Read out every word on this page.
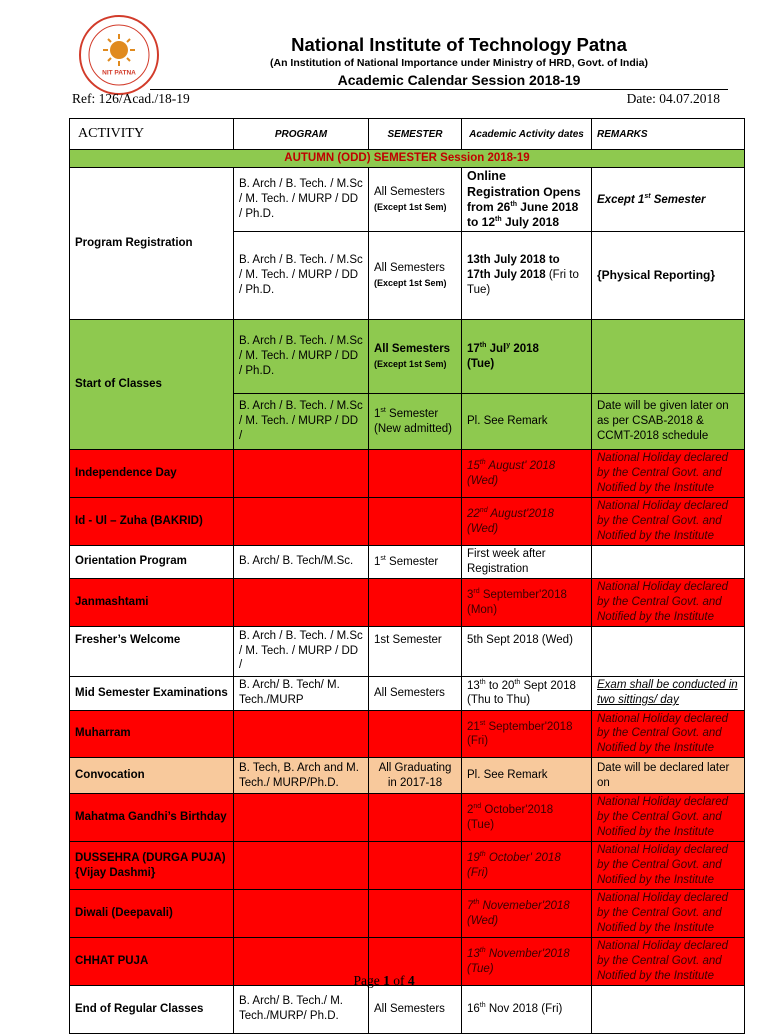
NIT PATNA
National Institute of Technology Patna
(An Institution of National Importance under Ministry of HRD, Govt. of India)
Academic Calendar Session 2018-19
Ref: 126/Acad./18-19	Date: 04.07.2018
ACTIVITY	PROGRAM	SEMESTER	Academic Activity dates	REMARKS
AUTUMN (ODD) SEMESTER Session 2018-19				
Program Registration	B. Arch / B. Tech. / M.Sc / M. Tech. / MURP / DD / Ph.D.	All Semesters
(Except 1st Sem)	Online
Registration Opens
from 26th June 2018
to 12th July 2018	Except 1st Semester
	B. Arch / B. Tech. / M.Sc / M. Tech. / MURP / DD / Ph.D.	All Semesters
(Except 1st Sem)	13th July 2018 to 17th July 2018 (Fri to Tue)	{Physical Reporting}
Start of Classes	B. Arch / B. Tech. / M.Sc / M. Tech. / MURP / DD / Ph.D.	All Semesters
(Except 1st Sem)	17th Jul$^y$ 2018
(Tue)	
	B. Arch / B. Tech. / M.Sc / M. Tech. / MURP / DD /	1st Semester
(New admitted)	Pl. See Remark	Date will be given later on as per CSAB-2018 & CCMT-2018 schedule
Independence Day			15th August' 2018
(Wed)	National Holiday declared by the Central Govt. and Notified by the Institute
Id - Ul – Zuha (BAKRID)			22nd August'2018
(Wed)	National Holiday declared by the Central Govt. and Notified by the Institute
Orientation Program	B. Arch/ B. Tech/M.Sc.	1st Semester	First week after Registration	
Janmashtami			3rd September'2018
(Mon)	National Holiday declared by the Central Govt. and Notified by the Institute
Fresher’s Welcome	B. Arch / B. Tech. / M.Sc / M. Tech. / MURP / DD /	1st Semester	5th Sept 2018 (Wed)	
Mid Semester Examinations	B. Arch/ B. Tech/ M. Tech./MURP	All Semesters	13th to 20th Sept 2018 (Thu to Thu)	Exam shall be conducted in two sittings/ day
Muharram			21st September'2018
(Fri)	National Holiday declared by the Central Govt. and Notified by the Institute
Convocation	B. Tech, B. Arch and M. Tech./ MURP/Ph.D.	All Graduating in 2017-18	Pl. See Remark	Date will be declared later on
Mahatma Gandhi’s Birthday			2nd October'2018
(Tue)	National Holiday declared by the Central Govt. and Notified by the Institute
DUSSEHRA (DURGA PUJA) {Vijay Dashmi}			19th October' 2018
(Fri)	National Holiday declared by the Central Govt. and Notified by the Institute
Diwali (Deepavali)			7th Novemeber'2018
(Wed)	National Holiday declared by the Central Govt. and Notified by the Institute
CHHAT PUJA			13th November'2018
(Tue)	National Holiday declared by the Central Govt. and Notified by the Institute
End of Regular Classes	B. Arch/ B. Tech./ M. Tech./MURP/ Ph.D.	All Semesters	16th Nov 2018 (Fri)	
Page 1 of 4
